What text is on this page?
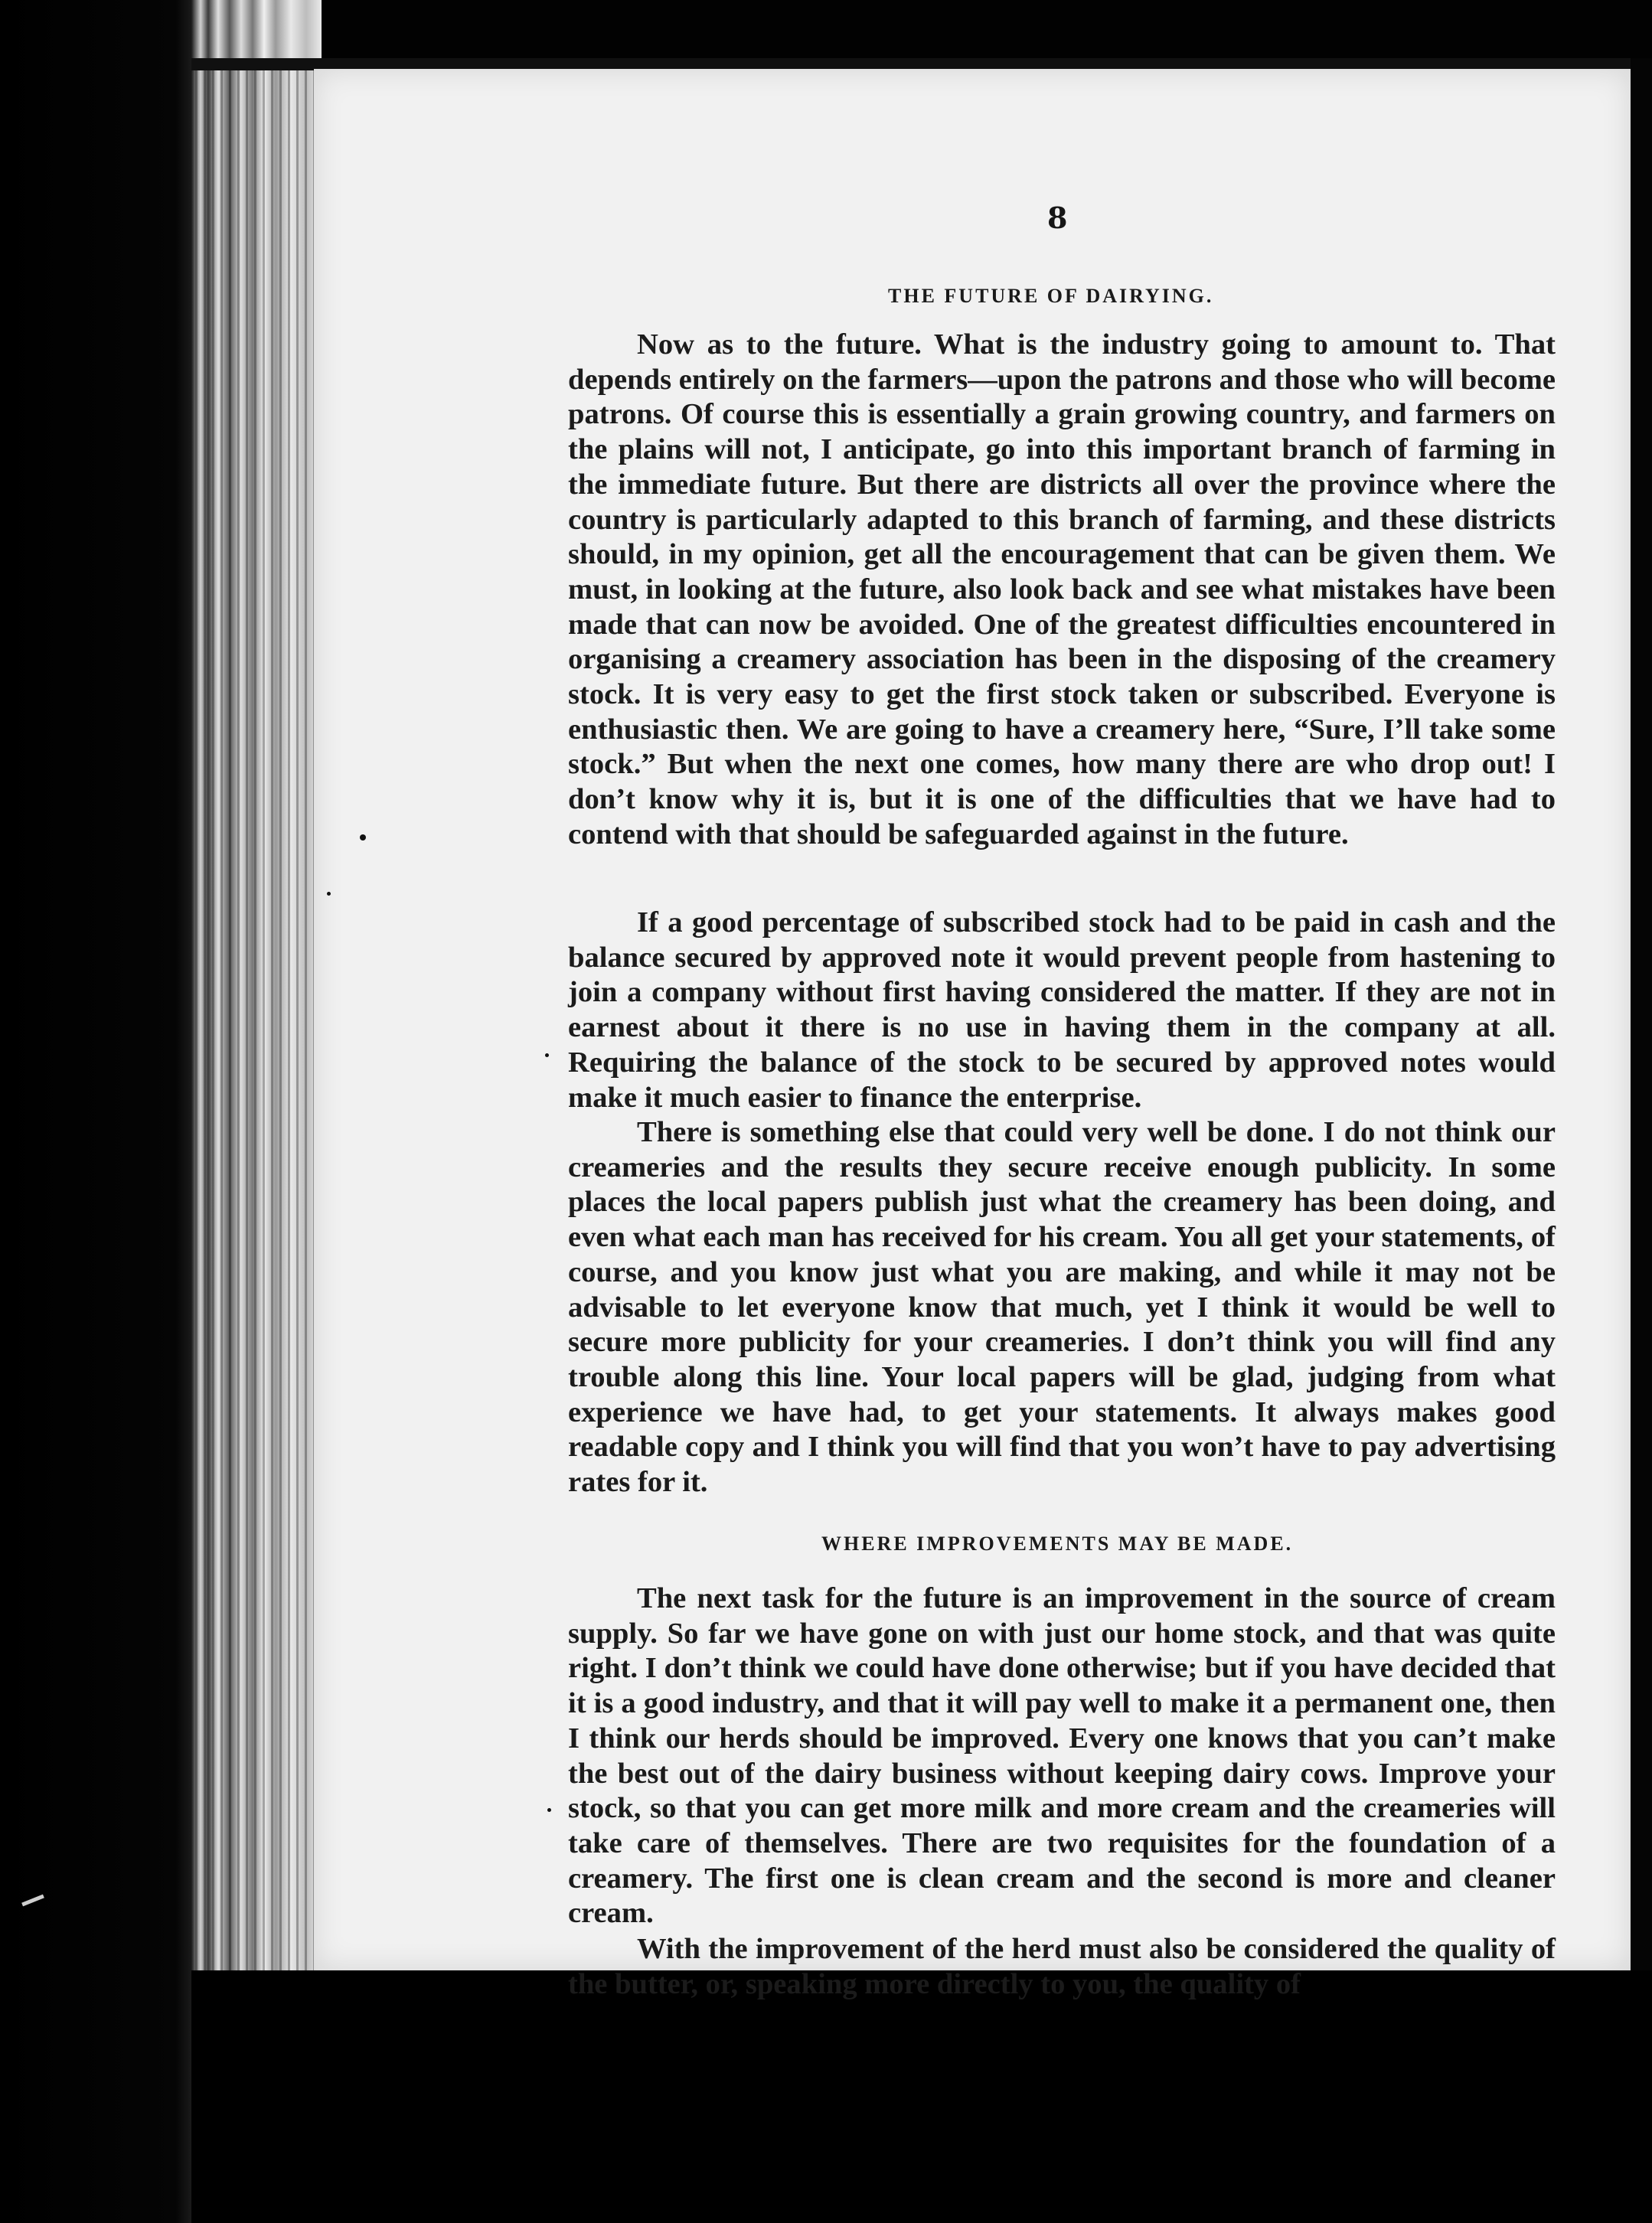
8
THE FUTURE OF DAIRYING.

Now as to the future. What is the industry going to amount to. That depends entirely on the farmers—upon the patrons and those who will become patrons. Of course this is essentially a grain growing country, and farmers on the plains will not, I anticipate, go into this important branch of farming in the immediate future. But there are districts all over the province where the country is particularly adapted to this branch of farming, and these districts should, in my opinion, get all the encouragement that can be given them. We must, in looking at the future, also look back and see what mistakes have been made that can now be avoided. One of the greatest difficulties encountered in organising a creamery association has been in the disposing of the creamery stock. It is very easy to get the first stock taken or subscribed. Everyone is enthusiastic then. We are going to have a creamery here, “Sure, I’ll take some stock.” But when the next one comes, how many there are who drop out! I don’t know why it is, but it is one of the difficulties that we have had to contend with that should be safeguarded against in the future.

If a good percentage of subscribed stock had to be paid in cash and the balance secured by approved note it would prevent people from hastening to join a company without first having considered the matter. If they are not in earnest about it there is no use in having them in the company at all. Requiring the balance of the stock to be secured by approved notes would make it much easier to finance the enterprise.

There is something else that could very well be done. I do not think our creameries and the results they secure receive enough publicity. In some places the local papers publish just what the creamery has been doing, and even what each man has received for his cream. You all get your statements, of course, and you know just what you are making, and while it may not be advisable to let everyone know that much, yet I think it would be well to secure more publicity for your creameries. I don’t think you will find any trouble along this line. Your local papers will be glad, judging from what experience we have had, to get your statements. It always makes good readable copy and I think you will find that you won’t have to pay advertising rates for it.

WHERE IMPROVEMENTS MAY BE MADE.

The next task for the future is an improvement in the source of cream supply. So far we have gone on with just our home stock, and that was quite right. I don’t think we could have done otherwise; but if you have decided that it is a good industry, and that it will pay well to make it a permanent one, then I think our herds should be improved. Every one knows that you can’t make the best out of the dairy business without keeping dairy cows. Improve your stock, so that you can get more milk and more cream and the creameries will take care of themselves. There are two requisites for the foundation of a creamery. The first one is clean cream and the second is more and cleaner cream.

With the improvement of the herd must also be considered the quality of the butter, or, speaking more directly to you, the quality of
